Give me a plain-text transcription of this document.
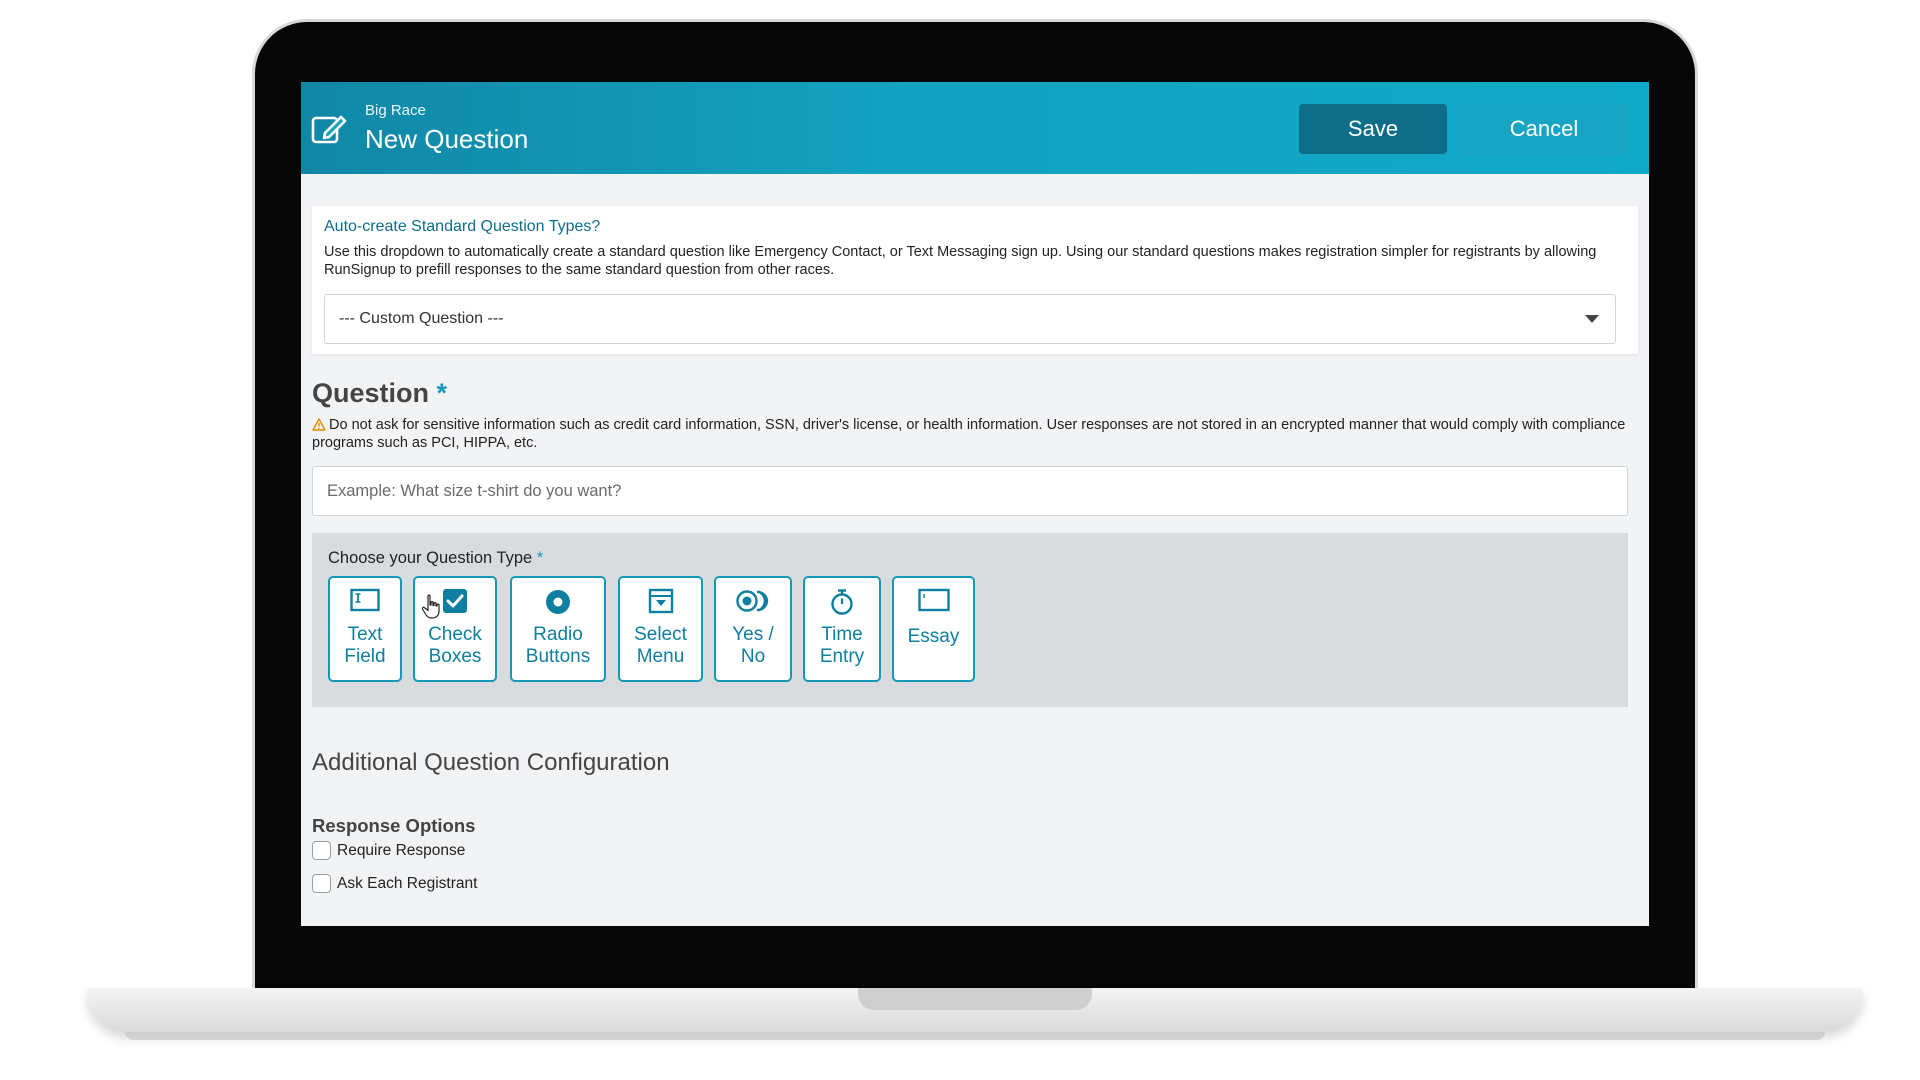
Big Race
New Question	Save	Cancel
Auto-create Standard Question Types?
Use this dropdown to automatically create a standard question like Emergency Contact, or Text Messaging sign up. Using our standard questions makes registration simpler for registrants by allowing RunSignup to prefill responses to the same standard question from other races.
--- Custom Question ---
Question *
Do not ask for sensitive information such as credit card information, SSN, driver's license, or health information. User responses are not stored in an encrypted manner that would comply with compliance programs such as PCI, HIPPA, etc.
Example: What size t-shirt do you want?
Choose your Question Type *
Text
Field
Check
Boxes
Radio
Buttons
Select
Menu
Yes /
No
Time
Entry
Essay
Additional Question Configuration
Response Options
Require Response
Ask Each Registrant
